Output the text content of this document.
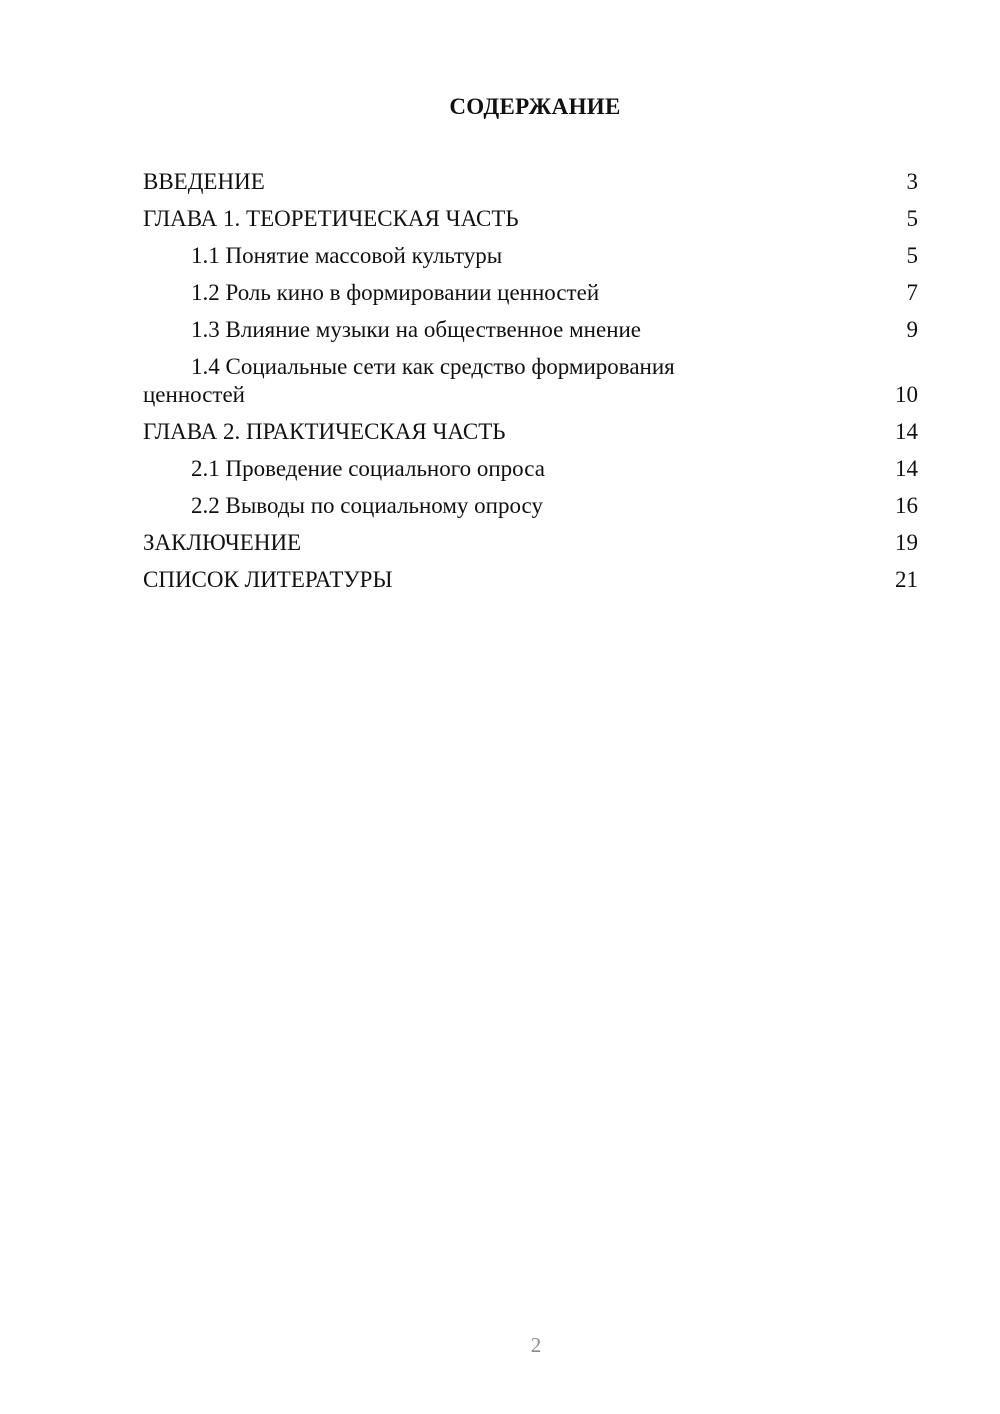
СОДЕРЖАНИЕ
ВВЕДЕНИЕ	3
ГЛАВА 1. ТЕОРЕТИЧЕСКАЯ ЧАСТЬ	5
1.1 Понятие массовой культуры	5
1.2 Роль кино в формировании ценностей	7
1.3 Влияние музыки на общественное мнение	9
1.4 Социальные сети как средство формирования
ценностей	10
ГЛАВА 2. ПРАКТИЧЕСКАЯ ЧАСТЬ	14
2.1 Проведение социального опроса	14
2.2 Выводы по социальному опросу	16
ЗАКЛЮЧЕНИЕ	19
СПИСОК ЛИТЕРАТУРЫ	21
2
